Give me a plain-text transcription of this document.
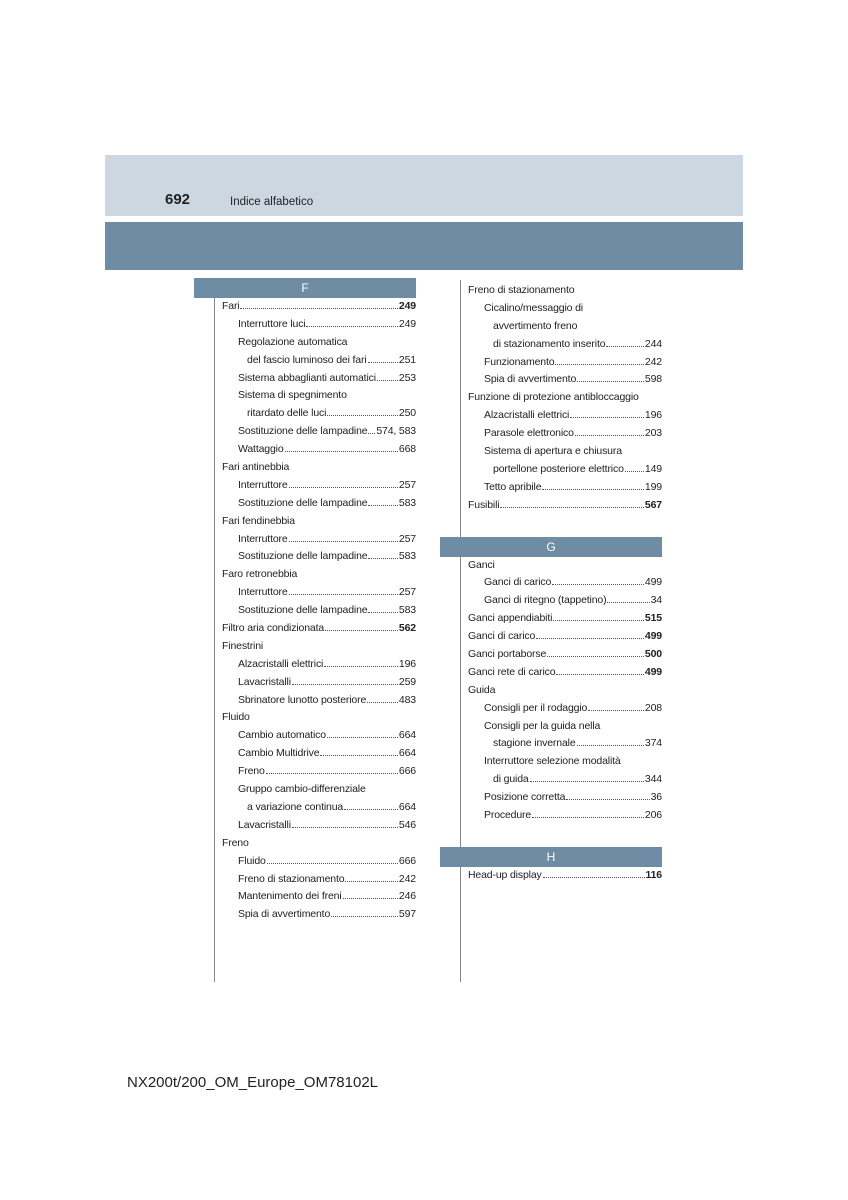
692	Indice alfabetico
F
Fari	249
Interruttore luci	249
Regolazione automatica
del fascio luminoso dei fari	251
Sistema abbaglianti automatici 253
Sistema di spegnimento
ritardato delle luci	250
Sostituzione delle lampadine 574, 583
Wattaggio	668
Fari antinebbia
Interruttore	257
Sostituzione delle lampadine	583
Fari fendinebbia
Interruttore	257
Sostituzione delle lampadine	583
Faro retronebbia
Interruttore	257
Sostituzione delle lampadine	583
Filtro aria condizionata	562
Finestrini
Alzacristalli elettrici	196
Lavacristalli	259
Sbrinatore lunotto posteriore	483
Fluido
Cambio automatico	664
Cambio Multidrive	664
Freno	666
Gruppo cambio-differenziale
a variazione continua	664
Lavacristalli	546
Freno
Fluido	666
Freno di stazionamento	242
Mantenimento dei freni	246
Spia di avvertimento	597
Freno di stazionamento
Cicalino/messaggio di
avvertimento freno
di stazionamento inserito	244
Funzionamento	242
Spia di avvertimento	598
Funzione di protezione antibloccaggio
Alzacristalli elettrici	196
Parasole elettronico	203
Sistema di apertura e chiusura
portellone posteriore elettrico 149
Tetto apribile	199
Fusibili	567
G
Ganci
Ganci di carico	499
Ganci di ritegno (tappetino)	34
Ganci appendiabiti	515
Ganci di carico	499
Ganci portaborse	500
Ganci rete di carico	499
Guida
Consigli per il rodaggio	208
Consigli per la guida nella
stagione invernale	374
Interruttore selezione modalità
di guida	344
Posizione corretta	36
Procedure	206
H
Head-up display	116
NX200t/200_OM_Europe_OM78102L
